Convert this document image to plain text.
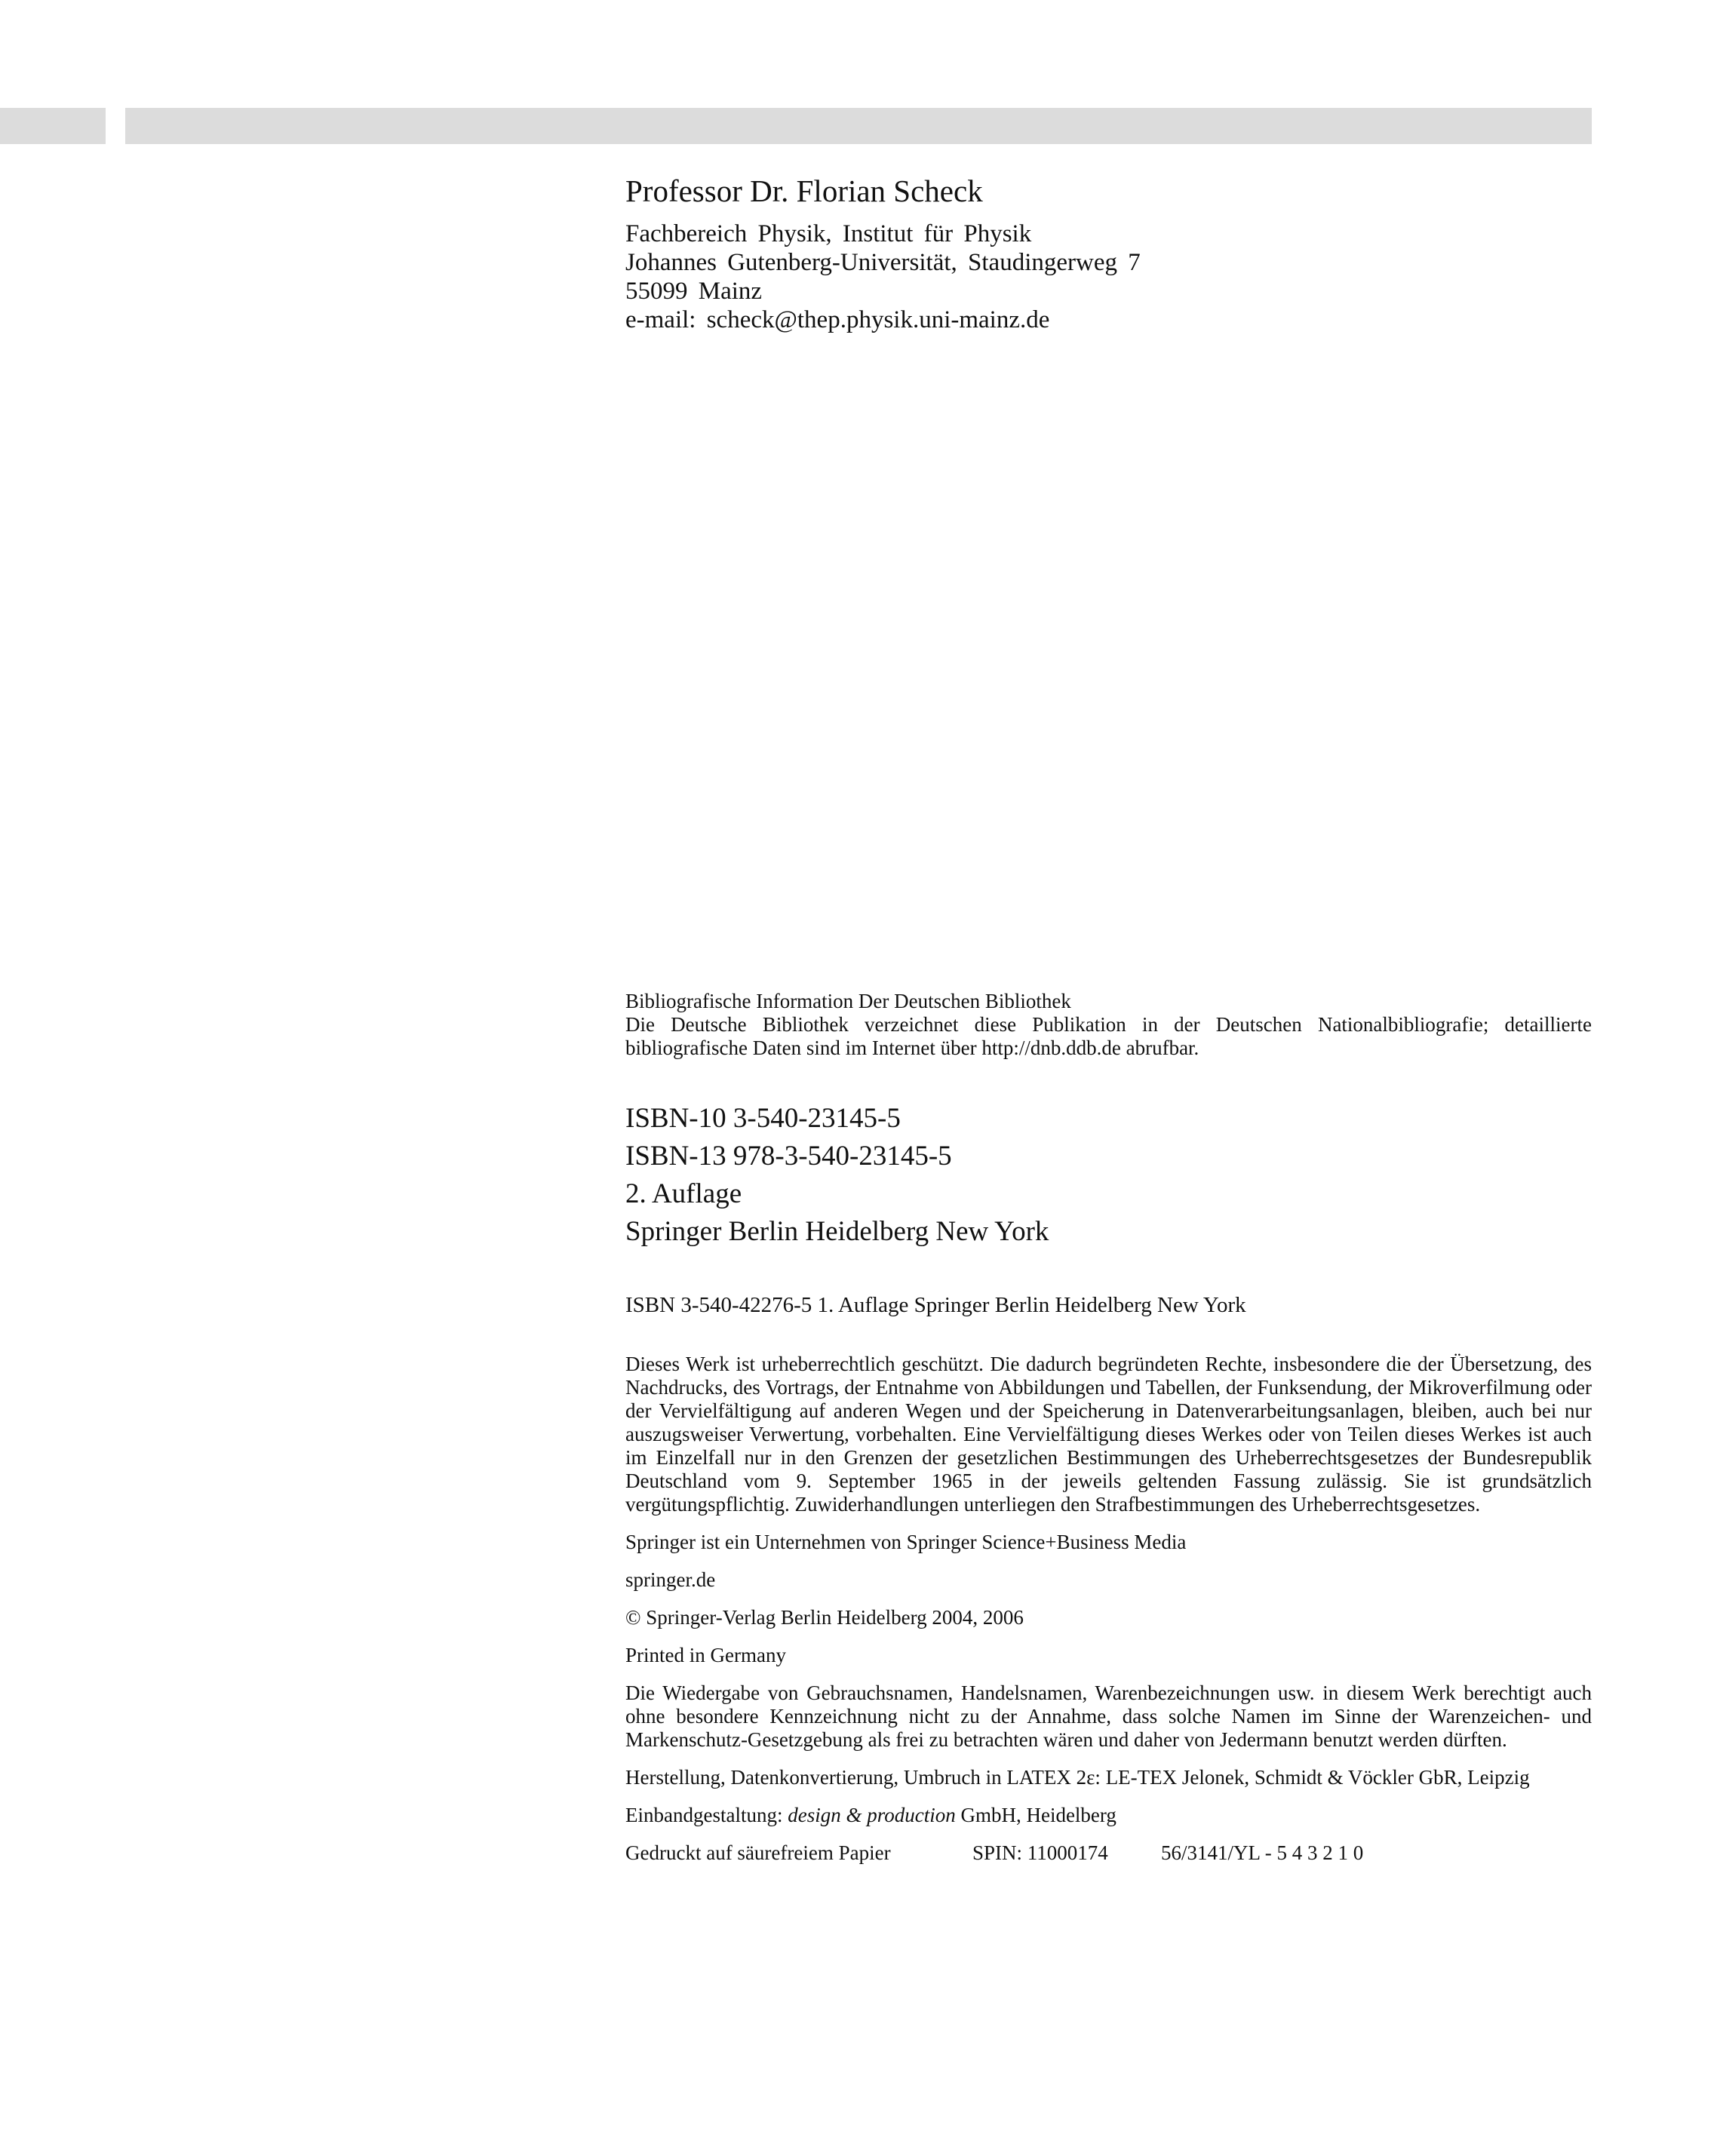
Professor Dr. Florian Scheck

Fachbereich Physik, Institut für Physik

Johannes Gutenberg-Universität, Staudingerweg 7

55099 Mainz

e-mail: scheck@thep.physik.uni-mainz.de

Bibliografische Information Der Deutschen Bibliothek

Die Deutsche Bibliothek verzeichnet diese Publikation in der Deutschen Nationalbibliografie; detaillierte bibliografische Daten sind im Internet über http://dnb.ddb.de abrufbar.

ISBN-10 3-540-23145-5

ISBN-13 978-3-540-23145-5

2. Auflage

Springer Berlin Heidelberg New York

ISBN 3-540-42276-5 1. Auflage Springer Berlin Heidelberg New York

Dieses Werk ist urheberrechtlich geschützt. Die dadurch begründeten Rechte, insbesondere die der Übersetzung, des Nachdrucks, des Vortrags, der Entnahme von Abbildungen und Tabellen, der Funksendung, der Mikroverfilmung oder der Vervielfältigung auf anderen Wegen und der Speicherung in Datenverarbeitungsanlagen, bleiben, auch bei nur auszugsweiser Verwertung, vorbehalten. Eine Vervielfältigung dieses Werkes oder von Teilen dieses Werkes ist auch im Einzelfall nur in den Grenzen der gesetzlichen Bestimmungen des Urheberrechtsgesetzes der Bundesrepublik Deutschland vom 9. September 1965 in der jeweils geltenden Fassung zulässig. Sie ist grundsätzlich vergütungspflichtig. Zuwiderhandlungen unterliegen den Strafbestimmungen des Urheberrechtsgesetzes.

Springer ist ein Unternehmen von Springer Science+Business Media

springer.de

© Springer-Verlag Berlin Heidelberg 2004, 2006

Printed in Germany

Die Wiedergabe von Gebrauchsnamen, Handelsnamen, Warenbezeichnungen usw. in diesem Werk berechtigt auch ohne besondere Kennzeichnung nicht zu der Annahme, dass solche Namen im Sinne der Warenzeichen- und Markenschutz-Gesetzgebung als frei zu betrachten wären und daher von Jedermann benutzt werden dürften.

Herstellung, Datenkonvertierung, Umbruch in LATEX 2ε: LE-TEX Jelonek, Schmidt & Vöckler GbR, Leipzig

Einbandgestaltung: design & production GmbH, Heidelberg

Gedruckt auf säurefreiem Papier	SPIN: 11000174	56/3141/YL - 5 4 3 2 1 0
